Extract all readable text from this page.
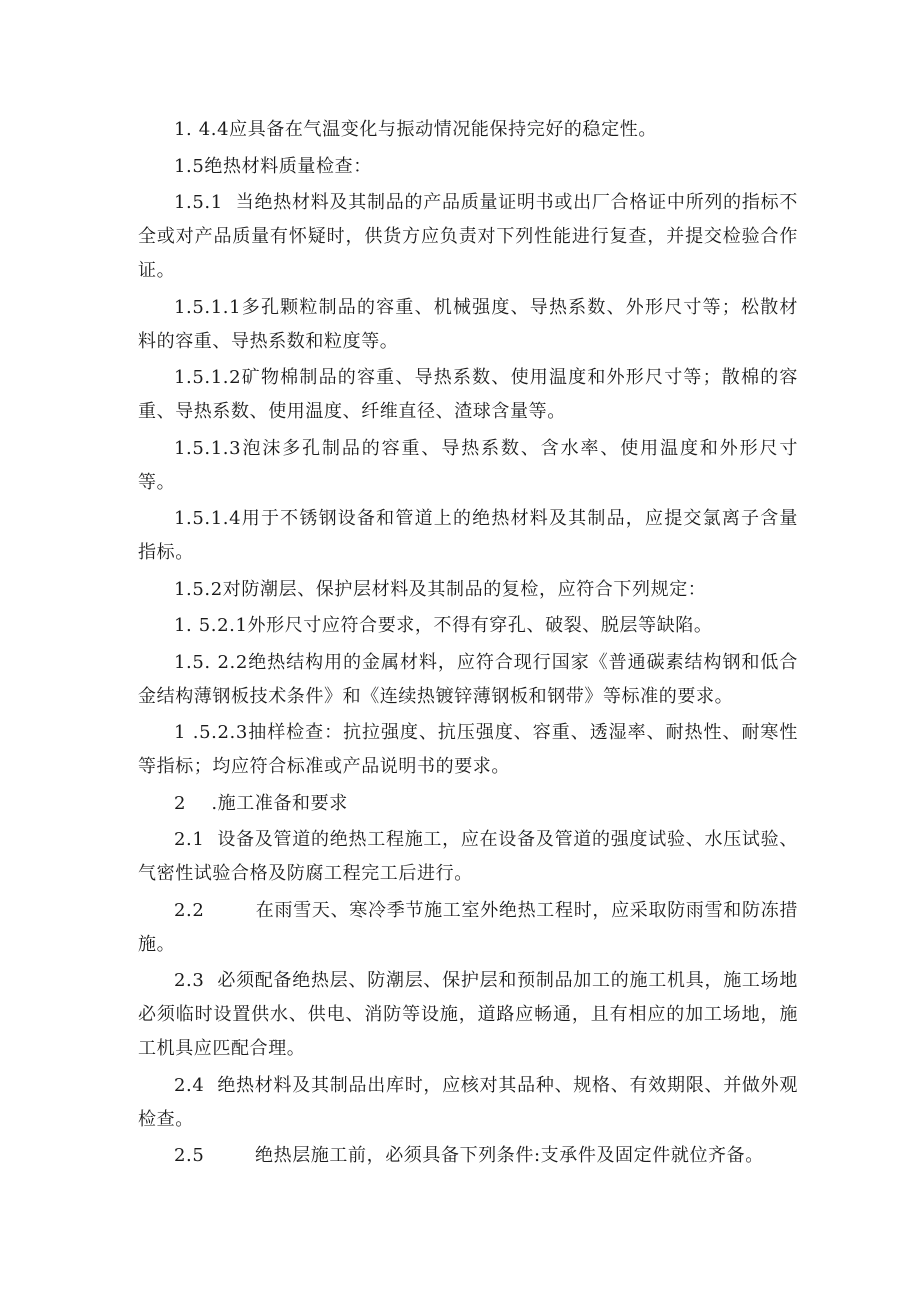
1. 4.4应具备在气温变化与振动情况能保持完好的稳定性。

1.5绝热材料质量检查：

1.5.1  当绝热材料及其制品的产品质量证明书或出厂合格证中所列的指标不全或对产品质量有怀疑时，供货方应负责对下列性能进行复查，并提交检验合作证。

1.5.1.1多孔颗粒制品的容重、机械强度、导热系数、外形尺寸等；松散材料的容重、导热系数和粒度等。

1.5.1.2矿物棉制品的容重、导热系数、使用温度和外形尺寸等；散棉的容重、导热系数、使用温度、纤维直径、渣球含量等。

1.5.1.3泡沫多孔制品的容重、导热系数、含水率、使用温度和外形尺寸等。

1.5.1.4用于不锈钢设备和管道上的绝热材料及其制品，应提交氯离子含量指标。

1.5.2对防潮层、保护层材料及其制品的复检，应符合下列规定：

1. 5.2.1外形尺寸应符合要求，不得有穿孔、破裂、脱层等缺陷。

1.5. 2.2绝热结构用的金属材料，应符合现行国家《普通碳素结构钢和低合金结构薄钢板技术条件》和《连续热镀锌薄钢板和钢带》等标准的要求。

1 .5.2.3抽样检查：抗拉强度、抗压强度、容重、透湿率、耐热性、耐寒性等指标；均应符合标准或产品说明书的要求。

2    .施工准备和要求

2.1  设备及管道的绝热工程施工，应在设备及管道的强度试验、水压试验、气密性试验合格及防腐工程完工后进行。

2.2        在雨雪天、寒冷季节施工室外绝热工程时，应采取防雨雪和防冻措施。

2.3  必须配备绝热层、防潮层、保护层和预制品加工的施工机具，施工场地必须临时设置供水、供电、消防等设施，道路应畅通，且有相应的加工场地，施工机具应匹配合理。

2.4  绝热材料及其制品出库时，应核对其品种、规格、有效期限、并做外观检查。

2.5        绝热层施工前，必须具备下列条件:支承件及固定件就位齐备。
